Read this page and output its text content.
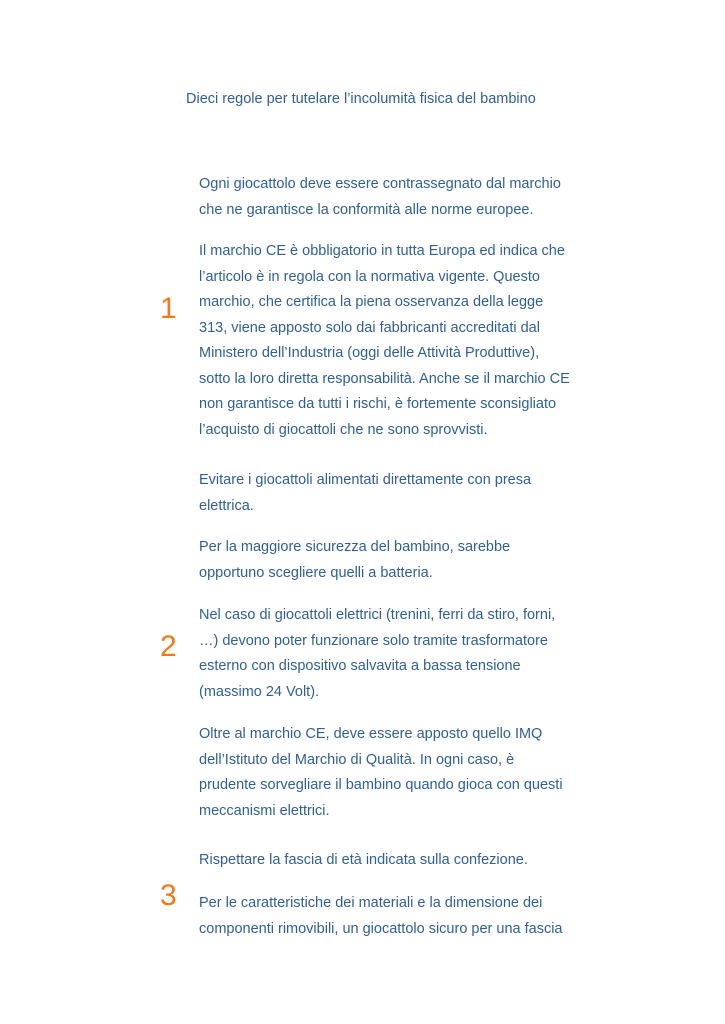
Dieci regole per tutelare l’incolumità fisica del bambino
1

Ogni giocattolo deve essere contrassegnato dal marchio
che ne garantisce la conformità alle norme europee.

Il marchio CE è obbligatorio in tutta Europa ed indica che
l’articolo è in regola con la normativa vigente. Questo
marchio, che certifica la piena osservanza della legge
313, viene apposto solo dai fabbricanti accreditati dal
Ministero dell’Industria (oggi delle Attività Produttive),
sotto la loro diretta responsabilità. Anche se il marchio CE
non garantisce da tutti i rischi, è fortemente sconsigliato
l’acquisto di giocattoli che ne sono sprovvisti.

2

Evitare i giocattoli alimentati direttamente con presa
elettrica.

Per la maggiore sicurezza del bambino, sarebbe
opportuno scegliere quelli a batteria.

Nel caso di giocattoli elettrici (trenini, ferri da stiro, forni,
…) devono poter funzionare solo tramite trasformatore
esterno con dispositivo salvavita a bassa tensione
(massimo 24 Volt).

Oltre al marchio CE, deve essere apposto quello IMQ
dell’Istituto del Marchio di Qualità. In ogni caso, è
prudente sorvegliare il bambino quando gioca con questi
meccanismi elettrici.

3

Rispettare la fascia di età indicata sulla confezione.

Per le caratteristiche dei materiali e la dimensione dei
componenti rimovibili, un giocattolo sicuro per una fascia
